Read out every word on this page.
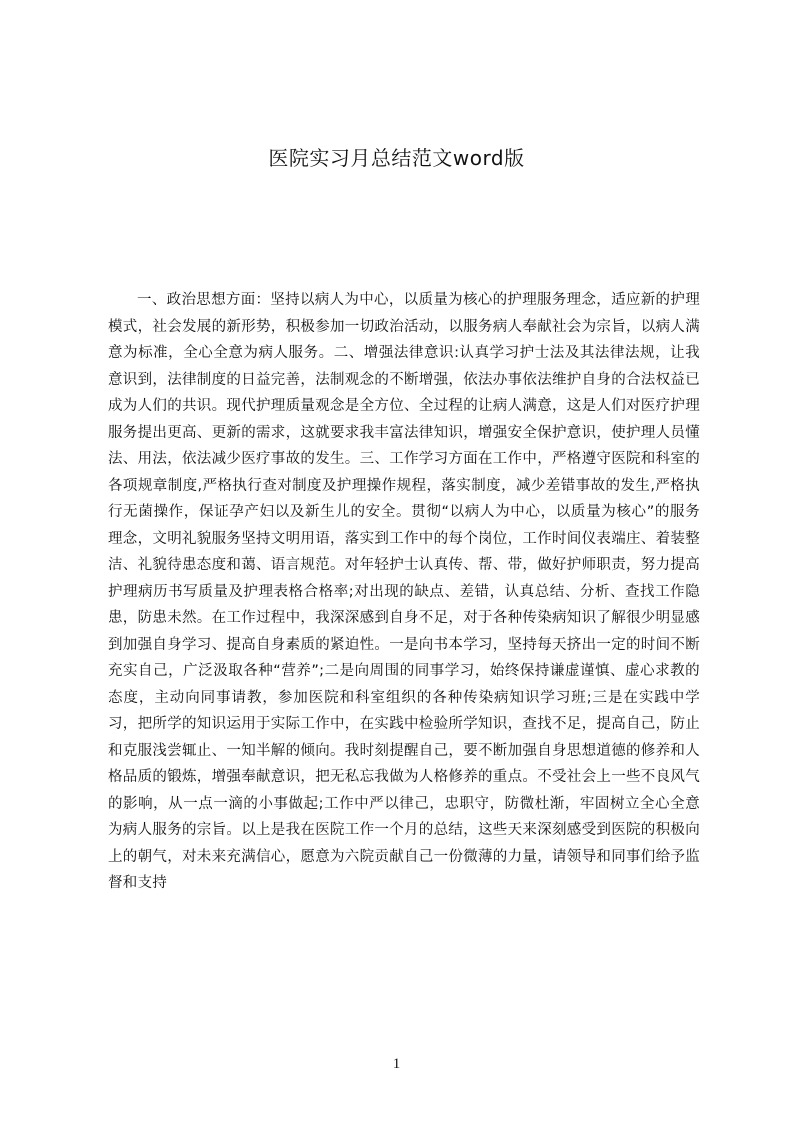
医院实习月总结范文word版

一、政治思想方面：坚持以病人为中心，以质量为核心的护理服务理念，适应新的护理模式，社会发展的新形势，积极参加一切政治活动，以服务病人奉献社会为宗旨，以病人满意为标准，全心全意为病人服务。二、增强法律意识:认真学习护士法及其法律法规，让我意识到，法律制度的日益完善，法制观念的不断增强，依法办事依法维护自身的合法权益已成为人们的共识。现代护理质量观念是全方位、全过程的让病人满意，这是人们对医疗护理服务提出更高、更新的需求，这就要求我丰富法律知识，增强安全保护意识，使护理人员懂法、用法，依法减少医疗事故的发生。三、工作学习方面在工作中，严格遵守医院和科室的各项规章制度,严格执行查对制度及护理操作规程，落实制度，减少差错事故的发生,严格执行无菌操作，保证孕产妇以及新生儿的安全。贯彻“以病人为中心，以质量为核心”的服务理念，文明礼貌服务坚持文明用语，落实到工作中的每个岗位，工作时间仪表端庄、着装整洁、礼貌待患态度和蔼、语言规范。对年轻护士认真传、帮、带，做好护师职责，努力提高护理病历书写质量及护理表格合格率;对出现的缺点、差错，认真总结、分析、查找工作隐患，防患未然。在工作过程中，我深深感到自身不足，对于各种传染病知识了解很少明显感到加强自身学习、提高自身素质的紧迫性。一是向书本学习，坚持每天挤出一定的时间不断充实自己，广泛汲取各种“营养”;二是向周围的同事学习，始终保持谦虚谨慎、虚心求教的态度，主动向同事请教，参加医院和科室组织的各种传染病知识学习班;三是在实践中学习，把所学的知识运用于实际工作中，在实践中检验所学知识，查找不足，提高自己，防止和克服浅尝辄止、一知半解的倾向。我时刻提醒自己，要不断加强自身思想道德的修养和人格品质的锻炼，增强奉献意识，把无私忘我做为人格修养的重点。不受社会上一些不良风气的影响，从一点一滴的小事做起;工作中严以律己，忠职守，防微杜渐，牢固树立全心全意为病人服务的宗旨。以上是我在医院工作一个月的总结，这些天来深刻感受到医院的积极向上的朝气，对未来充满信心，愿意为六院贡献自己一份微薄的力量，请领导和同事们给予监督和支持

1
